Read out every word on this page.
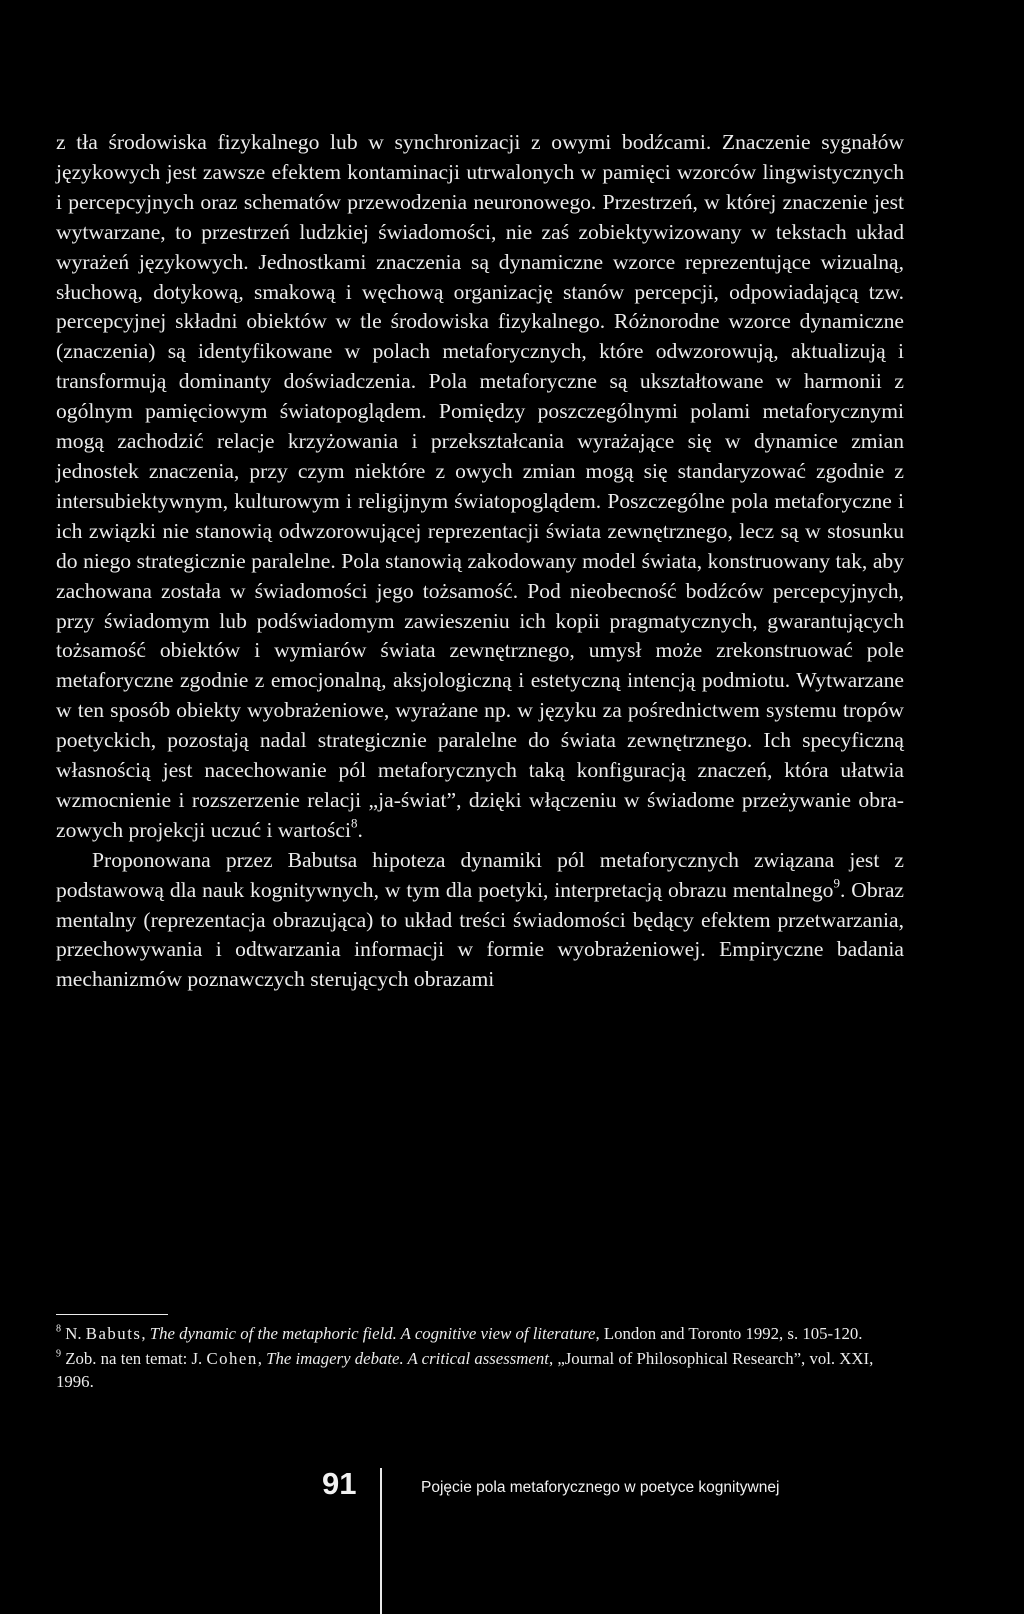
z tła środowiska fizykalnego lub w synchronizacji z owymi bodźcami. Znaczenie sygnałów językowych jest zawsze efektem kontaminacji utrwalonych w pamięci wzorców lingwistycznych i percepcyjnych oraz schematów przewodzenia neuronowego. Przestrzeń, w której znaczenie jest wytwarzane, to przestrzeń ludzkiej świadomości, nie zaś zobiektywizowany w tekstach układ wyrażeń językowych. Jednostkami znaczenia są dynamiczne wzorce reprezentujące wizualną, słuchową, dotykową, smakową i węchową organizację stanów percepcji, odpowiadającą tzw. percepcyjnej składni obiektów w tle środowiska fizykalnego. Różnorodne wzorce dynamiczne (znaczenia) są identyfikowane w polach metaforycznych, które odwzorowują, aktualizują i transformują dominanty doświadczenia. Pola metaforyczne są ukształtowane w harmonii z ogólnym pamięciowym światopoglądem. Pomiędzy poszczególnymi polami metaforycznymi mogą zachodzić relacje krzyżowania i przekształcania wyrażające się w dynamice zmian jednostek znaczenia, przy czym niektóre z owych zmian mogą się standaryzować zgodnie z intersubiektywnym, kulturowym i religijnym światopoglądem. Poszczególne pola metaforyczne i ich związki nie stanowią odwzorowującej reprezentacji świata zewnętrznego, lecz są w stosunku do niego strategicznie paralelne. Pola stanowią zakodowany model świata, konstruowany tak, aby zachowana została w świadomości jego tożsamość. Pod nieobecność bodźców percepcyjnych, przy świadomym lub podświadomym zawieszeniu ich kopii pragmatycznych, gwarantujących tożsamość obiektów i wymiarów świata zewnętrznego, umysł może zrekonstruować pole metaforyczne zgodnie z emocjonalną, aksjologiczną i estetyczną intencją podmiotu. Wytwarzane w ten sposób obiekty wyobrażeniowe, wyrażane np. w języku za pośrednictwem systemu tropów poetyckich, pozostają nadal strategicznie paralelne do świata zewnętrznego. Ich specyficzną własnością jest nacechowanie pól metaforycznych taką konfiguracją znaczeń, która ułatwia wzmocnienie i rozszerzenie relacji „ja-świat”, dzięki włączeniu w świadome przeżywanie obrazowych projekcji uczuć i wartości$^8$.

Proponowana przez Babutsa hipoteza dynamiki pól metaforycznych związana jest z podstawową dla nauk kognitywnych, w tym dla poetyki, interpretacją obrazu mentalnego$^9$. Obraz mentalny (reprezentacja obrazująca) to układ treści świadomości będący efektem przetwarzania, przechowywania i odtwarzania informacji w formie wyobrażeniowej. Empiryczne badania mechanizmów poznawczych sterujących obrazami

$^8$ N. Babuts, The dynamic of the metaphoric field. A cognitive view of literature, London and Toronto 1992, s. 105-120.

$^9$ Zob. na ten temat: J. Cohen, The imagery debate. A critical assessment, „Journal of Philosophical Research”, vol. XXI, 1996.

91	Pojęcie pola metaforycznego w poetyce kognitywnej
